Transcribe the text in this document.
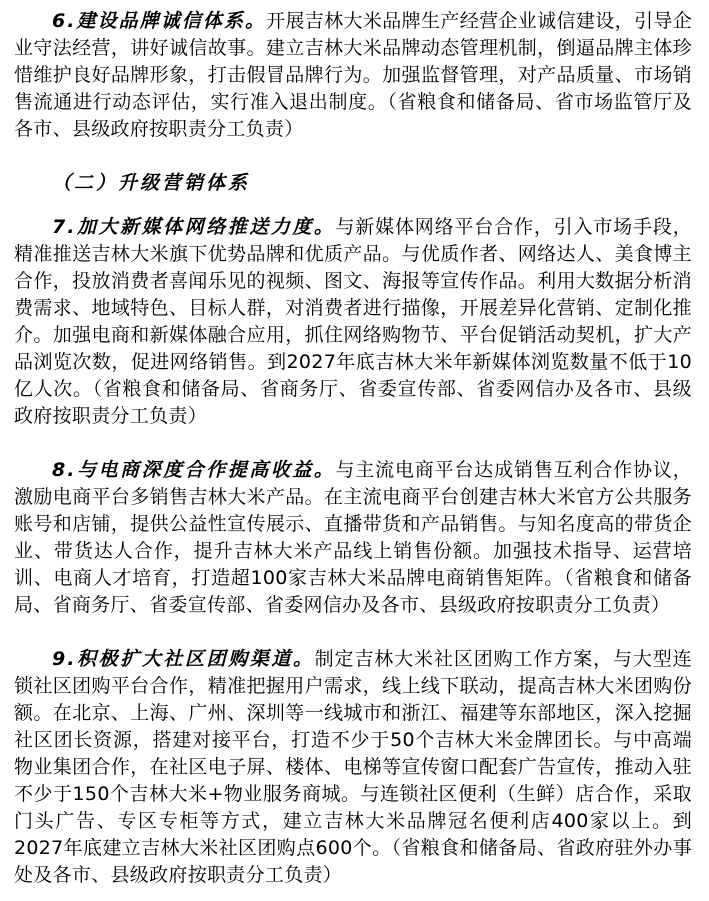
6.建设品牌诚信体系。开展吉林大米品牌生产经营企业诚信建设，引导企业守法经营，讲好诚信故事。建立吉林大米品牌动态管理机制，倒逼品牌主体珍惜维护良好品牌形象，打击假冒品牌行为。加强监督管理，对产品质量、市场销售流通进行动态评估，实行准入退出制度。（省粮食和储备局、省市场监管厅及各市、县级政府按职责分工负责）

（二）升级营销体系

7.加大新媒体网络推送力度。与新媒体网络平台合作，引入市场手段，精准推送吉林大米旗下优势品牌和优质产品。与优质作者、网络达人、美食博主合作，投放消费者喜闻乐见的视频、图文、海报等宣传作品。利用大数据分析消费需求、地域特色、目标人群，对消费者进行描像，开展差异化营销、定制化推介。加强电商和新媒体融合应用，抓住网络购物节、平台促销活动契机，扩大产品浏览次数，促进网络销售。到2027年底吉林大米年新媒体浏览数量不低于10亿人次。（省粮食和储备局、省商务厅、省委宣传部、省委网信办及各市、县级政府按职责分工负责）

8.与电商深度合作提高收益。与主流电商平台达成销售互利合作协议，激励电商平台多销售吉林大米产品。在主流电商平台创建吉林大米官方公共服务账号和店铺，提供公益性宣传展示、直播带货和产品销售。与知名度高的带货企业、带货达人合作，提升吉林大米产品线上销售份额。加强技术指导、运营培训、电商人才培育，打造超100家吉林大米品牌电商销售矩阵。（省粮食和储备局、省商务厅、省委宣传部、省委网信办及各市、县级政府按职责分工负责）

9.积极扩大社区团购渠道。制定吉林大米社区团购工作方案，与大型连锁社区团购平台合作，精准把握用户需求，线上线下联动，提高吉林大米团购份额。在北京、上海、广州、深圳等一线城市和浙江、福建等东部地区，深入挖掘社区团长资源，搭建对接平台，打造不少于50个吉林大米金牌团长。与中高端物业集团合作，在社区电子屏、楼体、电梯等宣传窗口配套广告宣传，推动入驻不少于150个吉林大米+物业服务商城。与连锁社区便利（生鲜）店合作，采取门头广告、专区专柜等方式，建立吉林大米品牌冠名便利店400家以上。到2027年底建立吉林大米社区团购点600个。（省粮食和储备局、省政府驻外办事处及各市、县级政府按职责分工负责）
